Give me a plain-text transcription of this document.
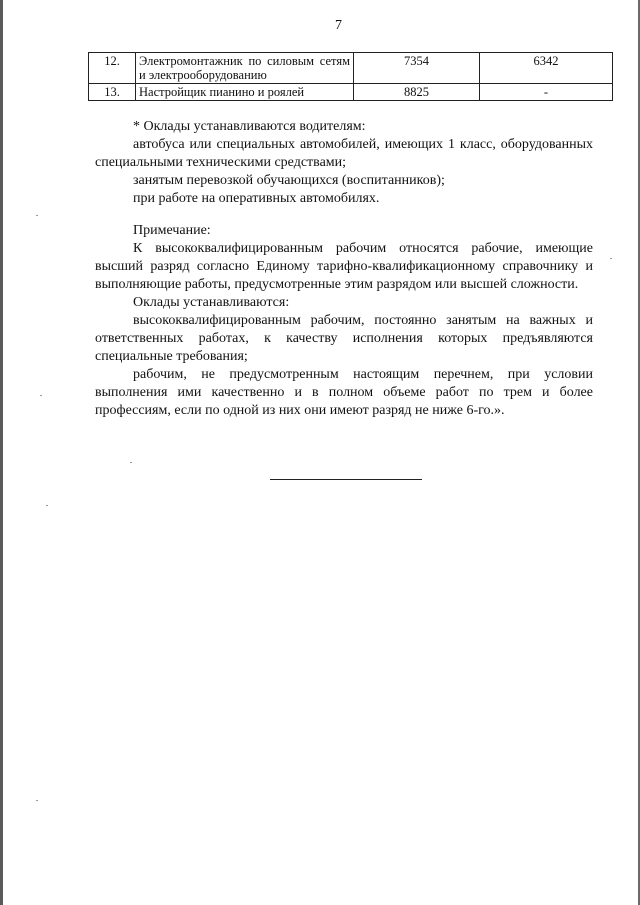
7
12.	Электромонтажник по силовым сетям и электрооборудованию	7354	6342
13.	Настройщик пианино и роялей	8825	-

* Оклады устанавливаются водителям:

автобуса или специальных автомобилей, имеющих 1 класс, оборудованных специальными техническими средствами;

занятым перевозкой обучающихся (воспитанников);

при работе на оперативных автомобилях.

Примечание:

К высококвалифицированным рабочим относятся рабочие, имеющие высший разряд согласно Единому тарифно-квалификационному справочнику и выполняющие работы, предусмотренные этим разрядом или высшей сложности.

Оклады устанавливаются:

высококвалифицированным рабочим, постоянно занятым на важных и ответственных работах, к качеству исполнения которых предъявляются специальные требования;

рабочим, не предусмотренным настоящим перечнем, при условии выполнения ими качественно и в полном объеме работ по трем и более профессиям, если по одной из них они имеют разряд не ниже 6-го.».
